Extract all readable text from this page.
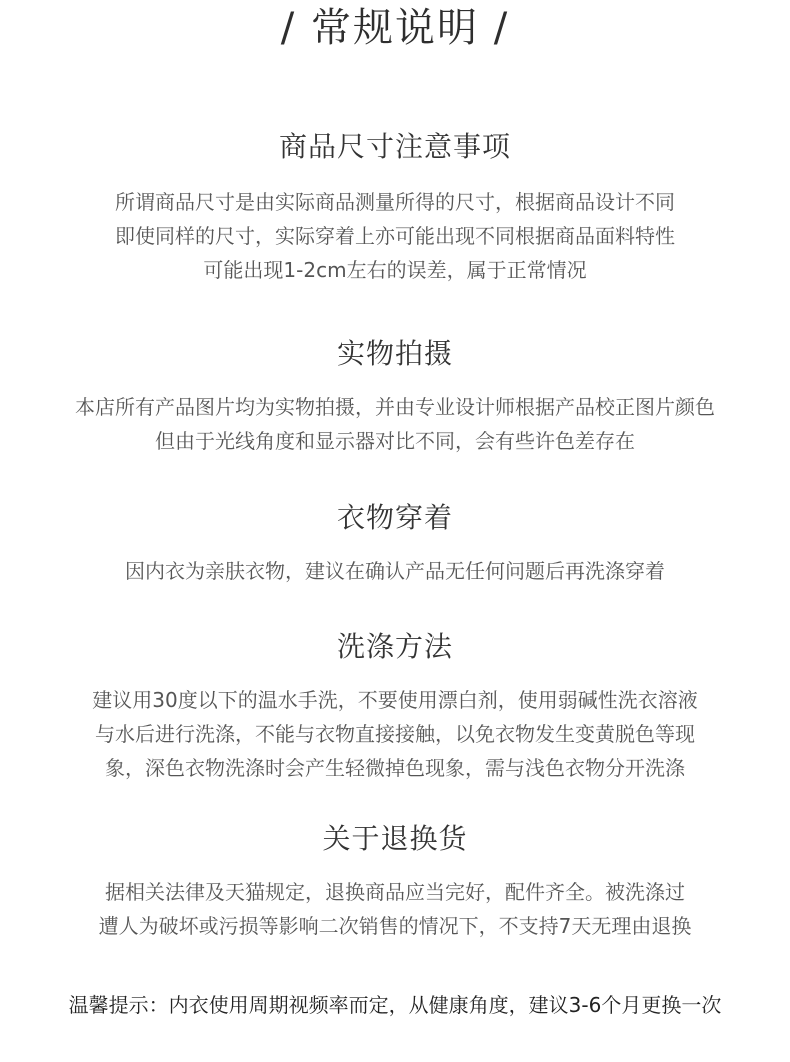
/ 常规说明 /
商品尺寸注意事项
所谓商品尺寸是由实际商品测量所得的尺寸，根据商品设计不同
即使同样的尺寸，实际穿着上亦可能出现不同根据商品面料特性
可能出现1-2cm左右的误差，属于正常情况
实物拍摄
本店所有产品图片均为实物拍摄，并由专业设计师根据产品校正图片颜色
但由于光线角度和显示器对比不同，会有些许色差存在
衣物穿着
因内衣为亲肤衣物，建议在确认产品无任何问题后再洗涤穿着
洗涤方法
建议用30度以下的温水手洗，不要使用漂白剂，使用弱碱性洗衣溶液
与水后进行洗涤，不能与衣物直接接触，以免衣物发生变黄脱色等现
象，深色衣物洗涤时会产生轻微掉色现象，需与浅色衣物分开洗涤
关于退换货
据相关法律及天猫规定，退换商品应当完好，配件齐全。被洗涤过
遭人为破坏或污损等影响二次销售的情况下，不支持7天无理由退换
温馨提示：内衣使用周期视频率而定，从健康角度，建议3-6个月更换一次
